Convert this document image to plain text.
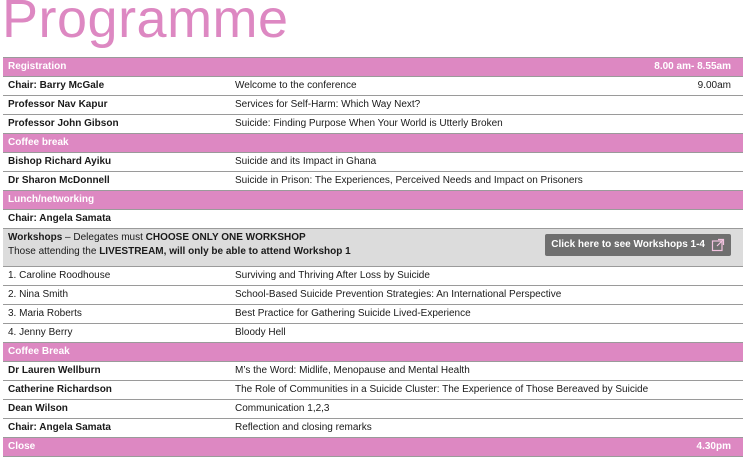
Programme
Registration	8.00 am- 8.55am
Chair: Barry McGale	Welcome to the conference	9.00am
Professor Nav Kapur	Services for Self-Harm: Which Way Next?
Professor John Gibson	Suicide: Finding Purpose When Your World is Utterly Broken
Coffee break
Bishop Richard Ayiku	Suicide and its Impact in Ghana
Dr Sharon McDonnell	Suicide in Prison: The Experiences, Perceived Needs and Impact on Prisoners
Lunch/networking
Chair: Angela Samata
Workshops – Delegates must CHOOSE ONLY ONE WORKSHOP
Those attending the LIVESTREAM, will only be able to attend Workshop 1
Click here to see Workshops 1-4
1. Caroline Roodhouse	Surviving and Thriving After Loss by Suicide
2. Nina Smith	School-Based Suicide Prevention Strategies: An International Perspective
3. Maria Roberts	Best Practice for Gathering Suicide Lived-Experience
4. Jenny Berry	Bloody Hell
Coffee Break
Dr Lauren Wellburn	M’s the Word: Midlife, Menopause and Mental Health
Catherine Richardson	The Role of Communities in a Suicide Cluster: The Experience of Those Bereaved by Suicide
Dean Wilson	Communication 1,2,3
Chair: Angela Samata	Reflection and closing remarks
Close	4.30pm
